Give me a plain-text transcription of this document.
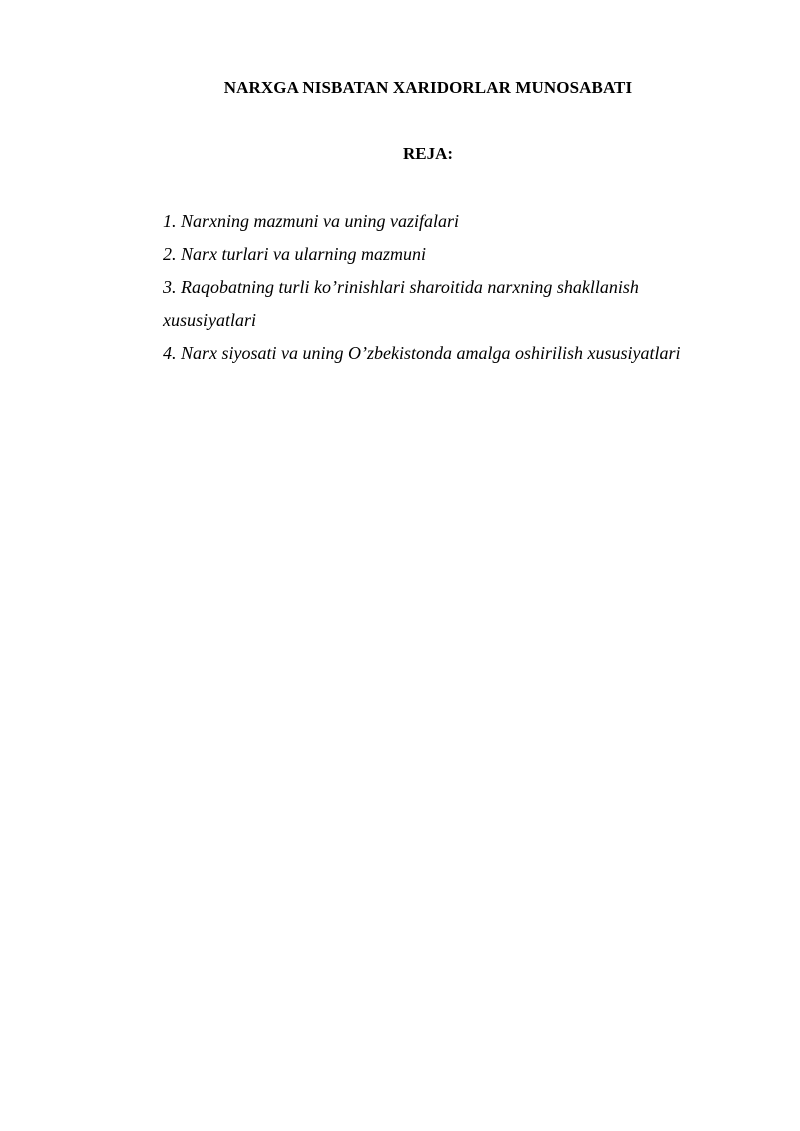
NARXGA NISBATAN XARIDORLAR MUNOSABATI
REJA:

1. Narxning mazmuni va uning vazifalari

2. Narx turlari va ularning mazmuni

3. Raqobatning turli ko’rinishlari sharoitida narxning shakllanish xususiyatlari

4. Narx siyosati va uning O’zbekistonda amalga oshirilish xususiyatlari
